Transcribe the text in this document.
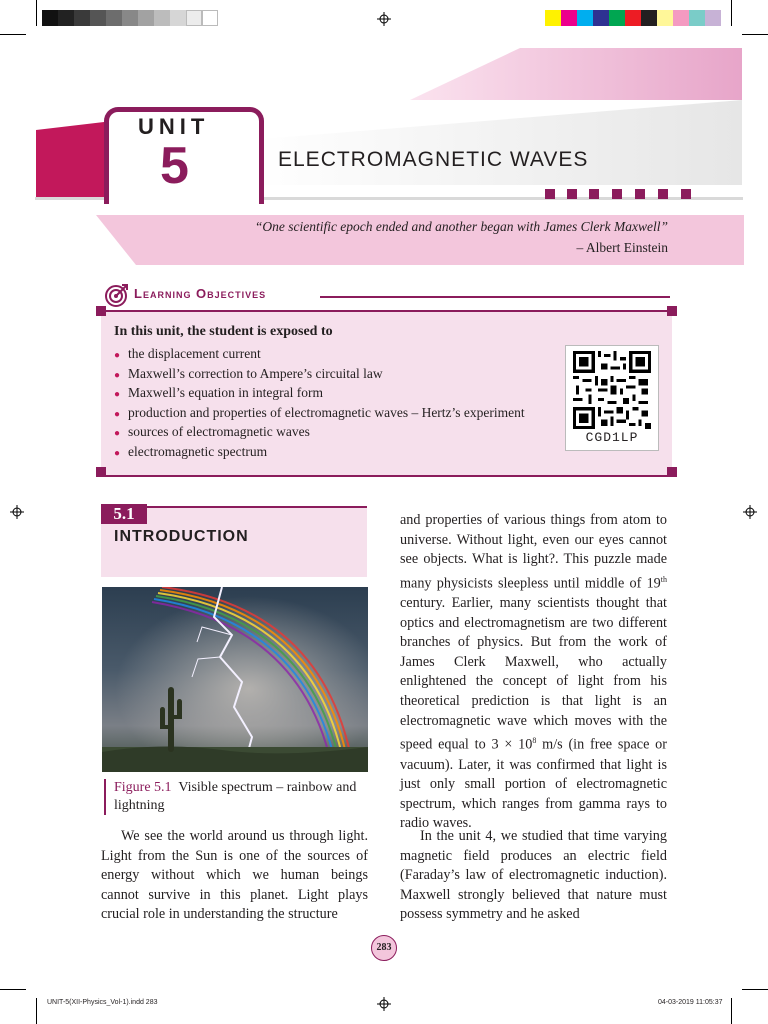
UNIT
5	ELECTROMAGNETIC WAVES
“One scientific epoch ended and another began with James Clerk Maxwell”
– Albert Einstein
Learning Objectives
In this unit, the student is exposed to
● the displacement current
● Maxwell’s correction to Ampere’s circuital law
● Maxwell’s equation in integral form
● production and properties of electromagnetic waves – Hertz’s experiment
● sources of electromagnetic waves
● electromagnetic spectrum
CGD1LP
5.1
INTRODUCTION
Figure 5.1 Visible spectrum – rainbow and lightning
We see the world around us through light. Light from the Sun is one of the sources of energy without which we human beings cannot survive in this planet. Light plays crucial role in understanding the structure
and properties of various things from atom to universe. Without light, even our eyes cannot see objects. What is light?. This puzzle made many physicists sleepless until middle of 19th century. Earlier, many scientists thought that optics and electromagnetism are two different branches of physics. But from the work of James Clerk Maxwell, who actually enlightened the concept of light from his theoretical prediction is that light is an electromagnetic wave which moves with the speed equal to $3 \times 10^8$ m/s (in free space or vacuum). Later, it was confirmed that light is just only small portion of electromagnetic spectrum, which ranges from gamma rays to radio waves.
In the unit 4, we studied that time varying magnetic field produces an electric field (Faraday’s law of electromagnetic induction). Maxwell strongly believed that nature must possess symmetry and he asked
283
UNIT-5(XII-Physics_Vol-1).indd 283	04-03-2019 11:05:37
